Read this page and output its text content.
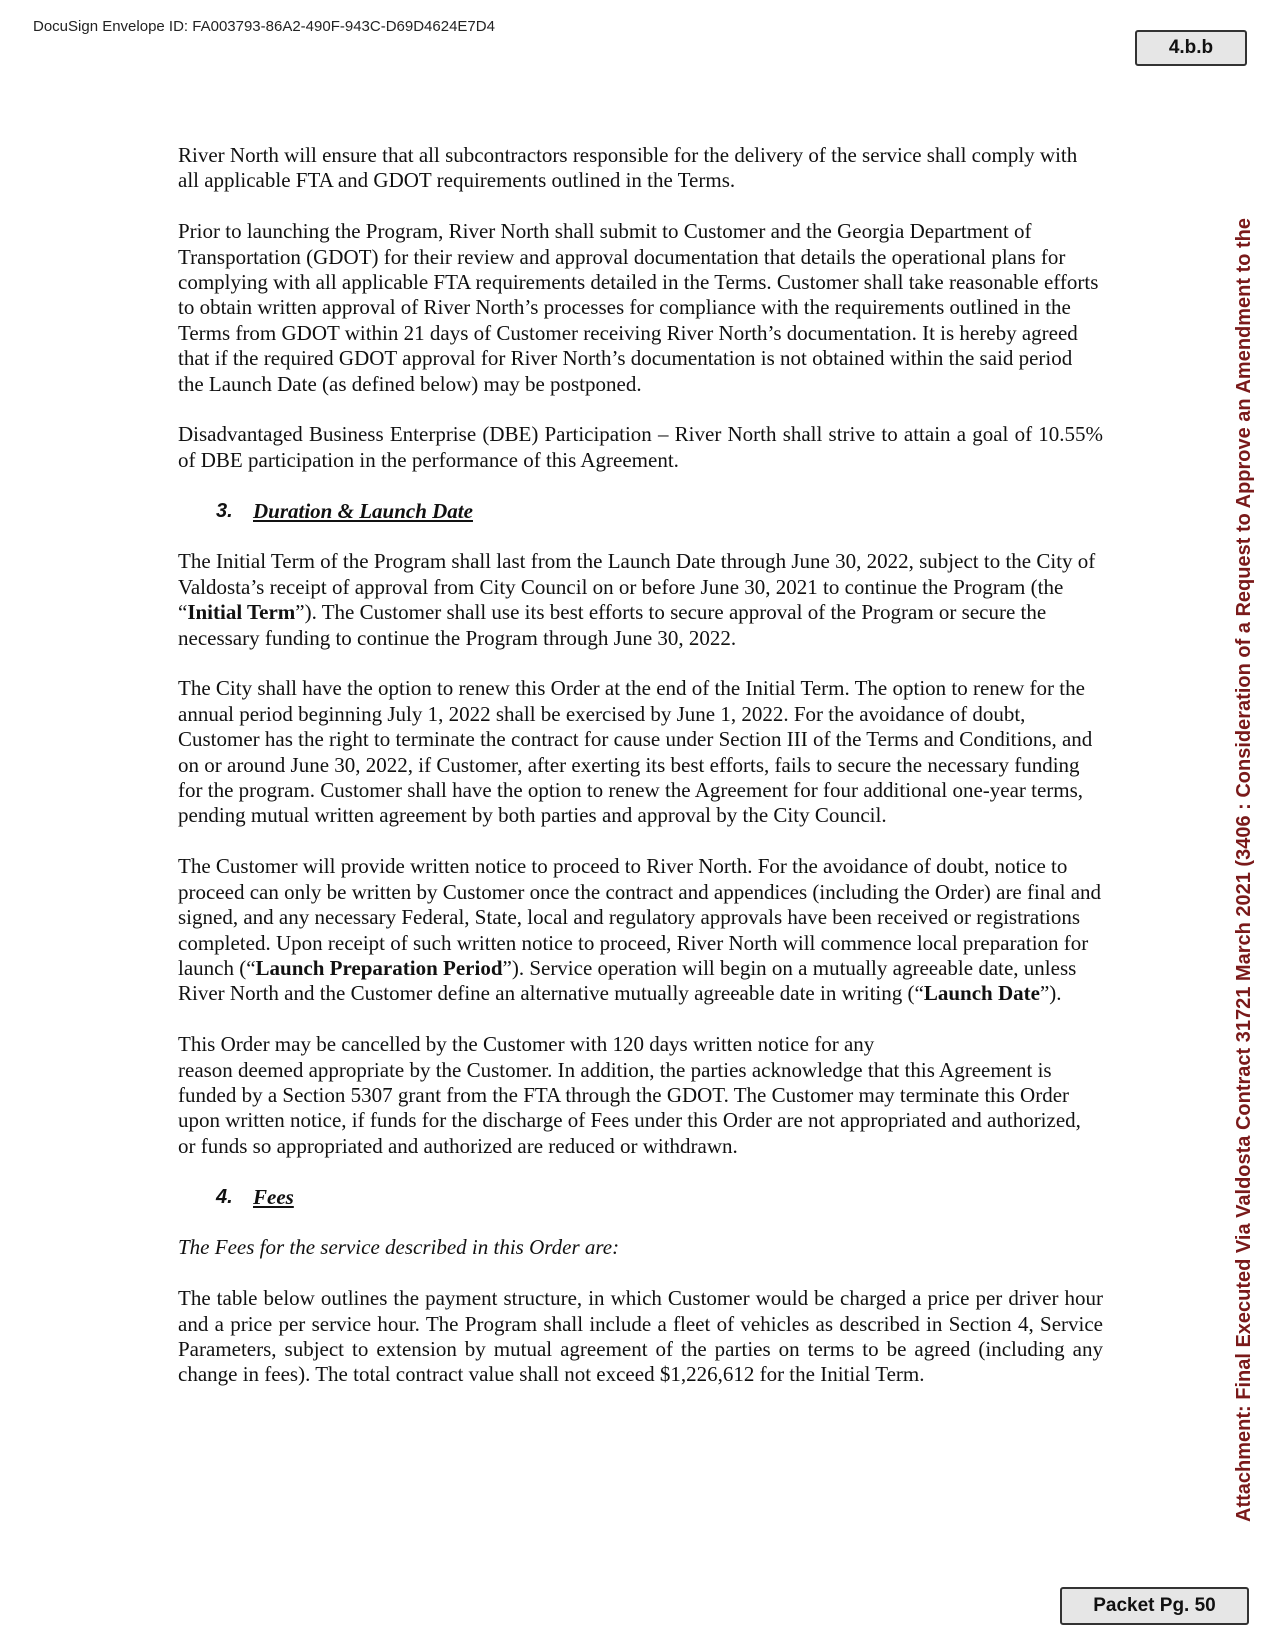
DocuSign Envelope ID: FA003793-86A2-490F-943C-D69D4624E7D4
4.b.b
Attachment: Final Executed Via Valdosta Contract 31721 March 2021 (3406 : Consideration of a Request to Approve an Amendment to the

River North will ensure that all subcontractors responsible for the delivery of the service shall comply with all applicable FTA and GDOT requirements outlined in the Terms.

Prior to launching the Program, River North shall submit to Customer and the Georgia Department of Transportation (GDOT) for their review and approval documentation that details the operational plans for complying with all applicable FTA requirements detailed in the Terms. Customer shall take reasonable efforts to obtain written approval of River North’s processes for compliance with the requirements outlined in the Terms from GDOT within 21 days of Customer receiving River North’s documentation. It is hereby agreed that if the required GDOT approval for River North’s documentation is not obtained within the said period the Launch Date (as defined below) may be postponed.

Disadvantaged Business Enterprise (DBE) Participation – River North shall strive to attain a goal of 10.55% of DBE participation in the performance of this Agreement.

3. Duration & Launch Date

The Initial Term of the Program shall last from the Launch Date through June 30, 2022, subject to the City of Valdosta’s receipt of approval from City Council on or before June 30, 2021 to continue the Program (the “Initial Term”). The Customer shall use its best efforts to secure approval of the Program or secure the necessary funding to continue the Program through June 30, 2022.

The City shall have the option to renew this Order at the end of the Initial Term. The option to renew for the annual period beginning July 1, 2022 shall be exercised by June 1, 2022. For the avoidance of doubt, Customer has the right to terminate the contract for cause under Section III of the Terms and Conditions, and on or around June 30, 2022, if Customer, after exerting its best efforts, fails to secure the necessary funding for the program. Customer shall have the option to renew the Agreement for four additional one-year terms, pending mutual written agreement by both parties and approval by the City Council.

The Customer will provide written notice to proceed to River North. For the avoidance of doubt, notice to proceed can only be written by Customer once the contract and appendices (including the Order) are final and signed, and any necessary Federal, State, local and regulatory approvals have been received or registrations completed. Upon receipt of such written notice to proceed, River North will commence local preparation for launch (“Launch Preparation Period”). Service operation will begin on a mutually agreeable date, unless River North and the Customer define an alternative mutually agreeable date in writing (“Launch Date”).

This Order may be cancelled by the Customer with 120 days written notice for any
reason deemed appropriate by the Customer. In addition, the parties acknowledge that this Agreement is funded by a Section 5307 grant from the FTA through the GDOT. The Customer may terminate this Order upon written notice, if funds for the discharge of Fees under this Order are not appropriated and authorized, or funds so appropriated and authorized are reduced or withdrawn.

4. Fees

The Fees for the service described in this Order are:

The table below outlines the payment structure, in which Customer would be charged a price per driver hour and a price per service hour. The Program shall include a fleet of vehicles as described in Section 4, Service Parameters, subject to extension by mutual agreement of the parties on terms to be agreed (including any change in fees). The total contract value shall not exceed $1,226,612 for the Initial Term.

Packet Pg. 50
